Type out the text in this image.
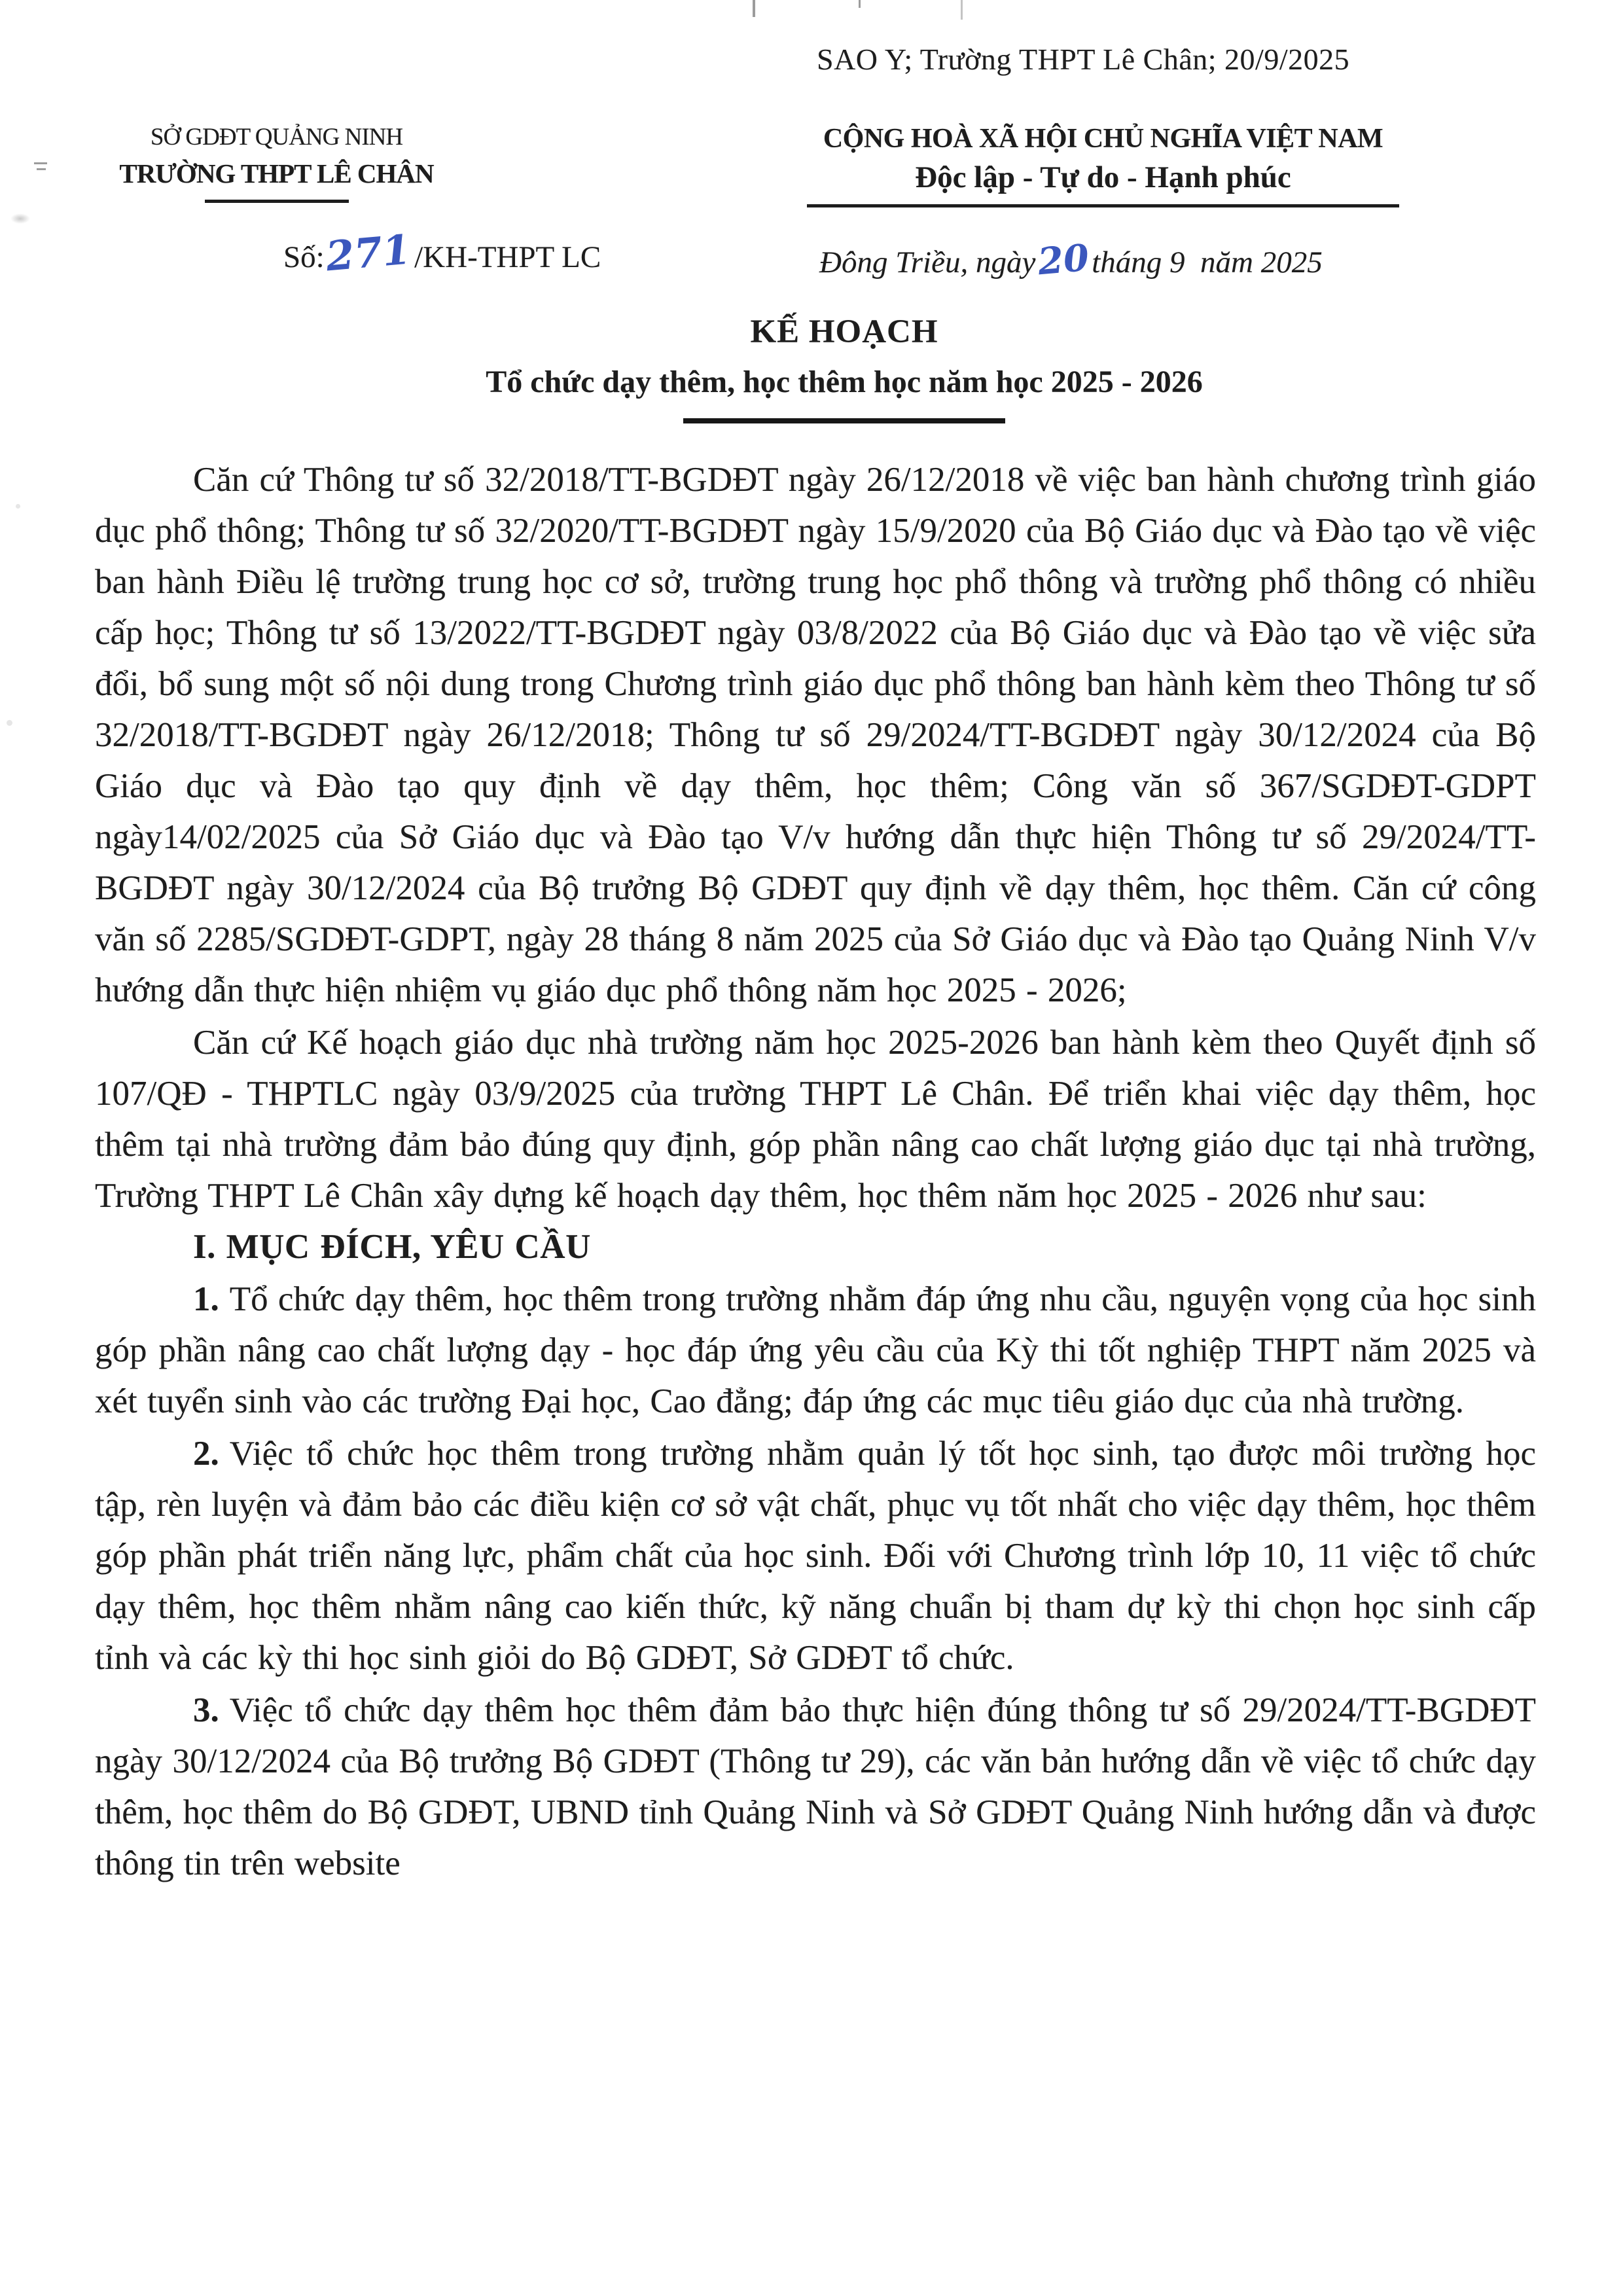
SAO Y; Trường THPT Lê Chân; 20/9/2025
SỞ GDĐT QUẢNG NINH
TRƯỜNG THPT LÊ CHÂN
Số:271/KH-THPT LC
CỘNG HOÀ XÃ HỘI CHỦ NGHĨA VIỆT NAM
Độc lập - Tự do - Hạnh phúc
Đông Triều, ngày20tháng 9  năm 2025
KẾ HOẠCH
Tổ chức dạy thêm, học thêm học năm học 2025 - 2026

Căn cứ Thông tư số 32/2018/TT-BGDĐT ngày 26/12/2018 về việc ban hành chương trình giáo dục phổ thông; Thông tư số 32/2020/TT-BGDĐT ngày 15/9/2020 của Bộ Giáo dục và Đào tạo về việc ban hành Điều lệ trường trung học cơ sở, trường trung học phổ thông và trường phổ thông có nhiều cấp học; Thông tư số 13/2022/TT-BGDĐT ngày 03/8/2022 của Bộ Giáo dục và Đào tạo về việc sửa đổi, bổ sung một số nội dung trong Chương trình giáo dục phổ thông ban hành kèm theo Thông tư số 32/2018/TT-BGDĐT ngày 26/12/2018; Thông tư số 29/2024/TT-BGDĐT ngày 30/12/2024 của Bộ Giáo dục và Đào tạo quy định về dạy thêm, học thêm; Công văn số 367/SGDĐT-GDPT ngày14/02/2025 của Sở Giáo dục và Đào tạo V/v hướng dẫn thực hiện Thông tư số 29/2024/TT-BGDĐT ngày 30/12/2024 của Bộ trưởng Bộ GDĐT quy định về dạy thêm, học thêm. Căn cứ công văn số 2285/SGDĐT-GDPT, ngày 28 tháng 8 năm 2025 của Sở Giáo dục và Đào tạo Quảng Ninh V/v hướng dẫn thực hiện nhiệm vụ giáo dục phổ thông năm học 2025 - 2026;

Căn cứ Kế hoạch giáo dục nhà trường năm học 2025-2026 ban hành kèm theo Quyết định số 107/QĐ - THPTLC ngày 03/9/2025 của trường THPT Lê Chân. Để triển khai việc dạy thêm, học thêm tại nhà trường đảm bảo đúng quy định, góp phần nâng cao chất lượng giáo dục tại nhà trường, Trường THPT Lê Chân xây dựng kế hoạch dạy thêm, học thêm năm học 2025 - 2026 như sau:

I. MỤC ĐÍCH, YÊU CẦU

1. Tổ chức dạy thêm, học thêm trong trường nhằm đáp ứng nhu cầu, nguyện vọng của học sinh góp phần nâng cao chất lượng dạy - học đáp ứng yêu cầu của Kỳ thi tốt nghiệp THPT năm 2025 và xét tuyển sinh vào các trường Đại học, Cao đẳng; đáp ứng các mục tiêu giáo dục của nhà trường.

2. Việc tổ chức học thêm trong trường nhằm quản lý tốt học sinh, tạo được môi trường học tập, rèn luyện và đảm bảo các điều kiện cơ sở vật chất, phục vụ tốt nhất cho việc dạy thêm, học thêm góp phần phát triển năng lực, phẩm chất của học sinh. Đối với Chương trình lớp 10, 11 việc tổ chức dạy thêm, học thêm nhằm nâng cao kiến thức, kỹ năng chuẩn bị tham dự kỳ thi chọn học sinh cấp tỉnh và các kỳ thi học sinh giỏi do Bộ GDĐT, Sở GDĐT tổ chức.

3. Việc tổ chức dạy thêm học thêm đảm bảo thực hiện đúng thông tư số 29/2024/TT-BGDĐT ngày 30/12/2024 của Bộ trưởng Bộ GDĐT (Thông tư 29), các văn bản hướng dẫn về việc tổ chức dạy thêm, học thêm do Bộ GDĐT, UBND tỉnh Quảng Ninh và Sở GDĐT Quảng Ninh hướng dẫn và được thông tin trên website
